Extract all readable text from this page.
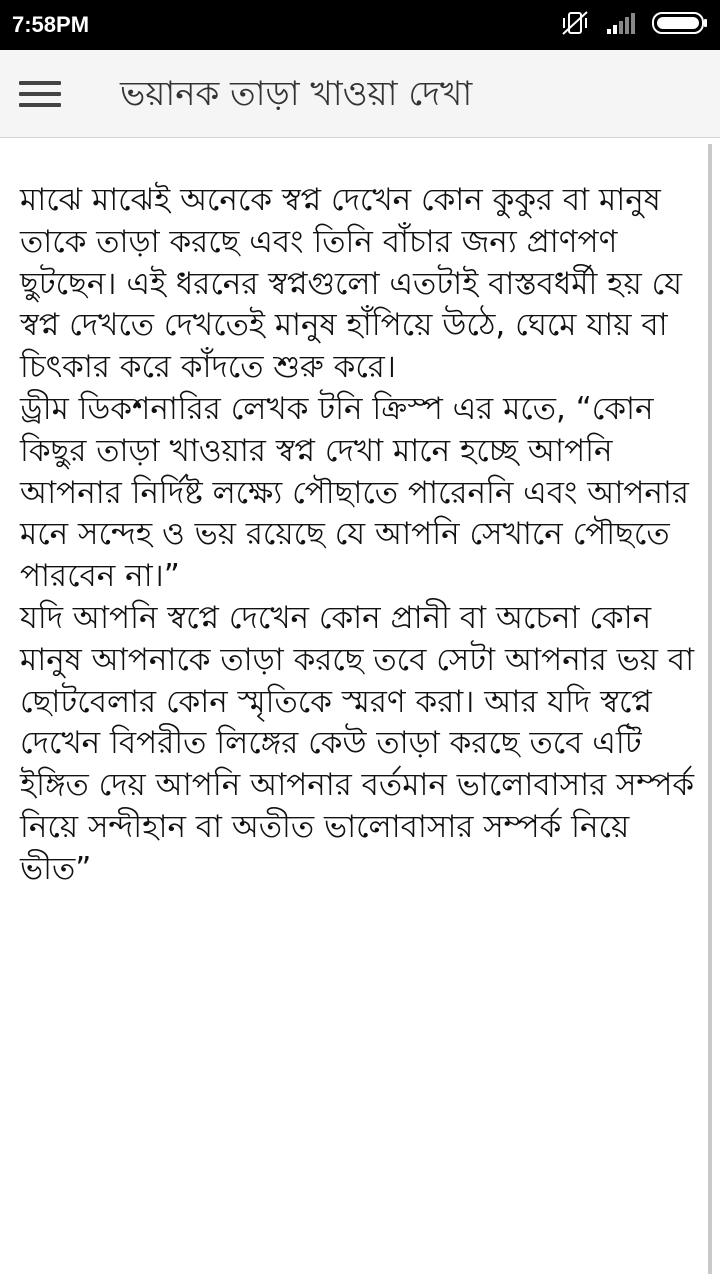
7:58PM
ভয়ানক তাড়া খাওয়া দেখা

মাঝে মাঝেই অনেকে স্বপ্ন দেখেন কোন কুকুর বা মানুষ তাকে তাড়া করছে এবং তিনি বাঁচার জন্য প্রাণপণ ছুটছেন। এই ধরনের স্বপ্নগুলো এতটাই বাস্তবধর্মী হয় যে স্বপ্ন দেখতে দেখতেই মানুষ হাঁপিয়ে উঠে, ঘেমে যায় বা চিৎকার করে কাঁদতে শুরু করে।

ড্রীম ডিকশনারির লেখক টনি ক্রিস্প এর মতে, “কোন কিছুর তাড়া খাওয়ার স্বপ্ন দেখা মানে হচ্ছে আপনি আপনার নির্দিষ্ট লক্ষ্যে পৌছাতে পারেননি এবং আপনার মনে সন্দেহ ও ভয় রয়েছে যে আপনি সেখানে পৌছতে পারবেন না।”

যদি আপনি স্বপ্নে দেখেন কোন প্রানী বা অচেনা কোন মানুষ আপনাকে তাড়া করছে তবে সেটা আপনার ভয় বা ছোটবেলার কোন স্মৃতিকে স্মরণ করা। আর যদি স্বপ্নে দেখেন বিপরীত লিঙ্গের কেউ তাড়া করছে তবে এটি ইঙ্গিত দেয় আপনি আপনার বর্তমান ভালোবাসার সম্পর্ক নিয়ে সন্দীহান বা অতীত ভালোবাসার সম্পর্ক নিয়ে ভীত”
